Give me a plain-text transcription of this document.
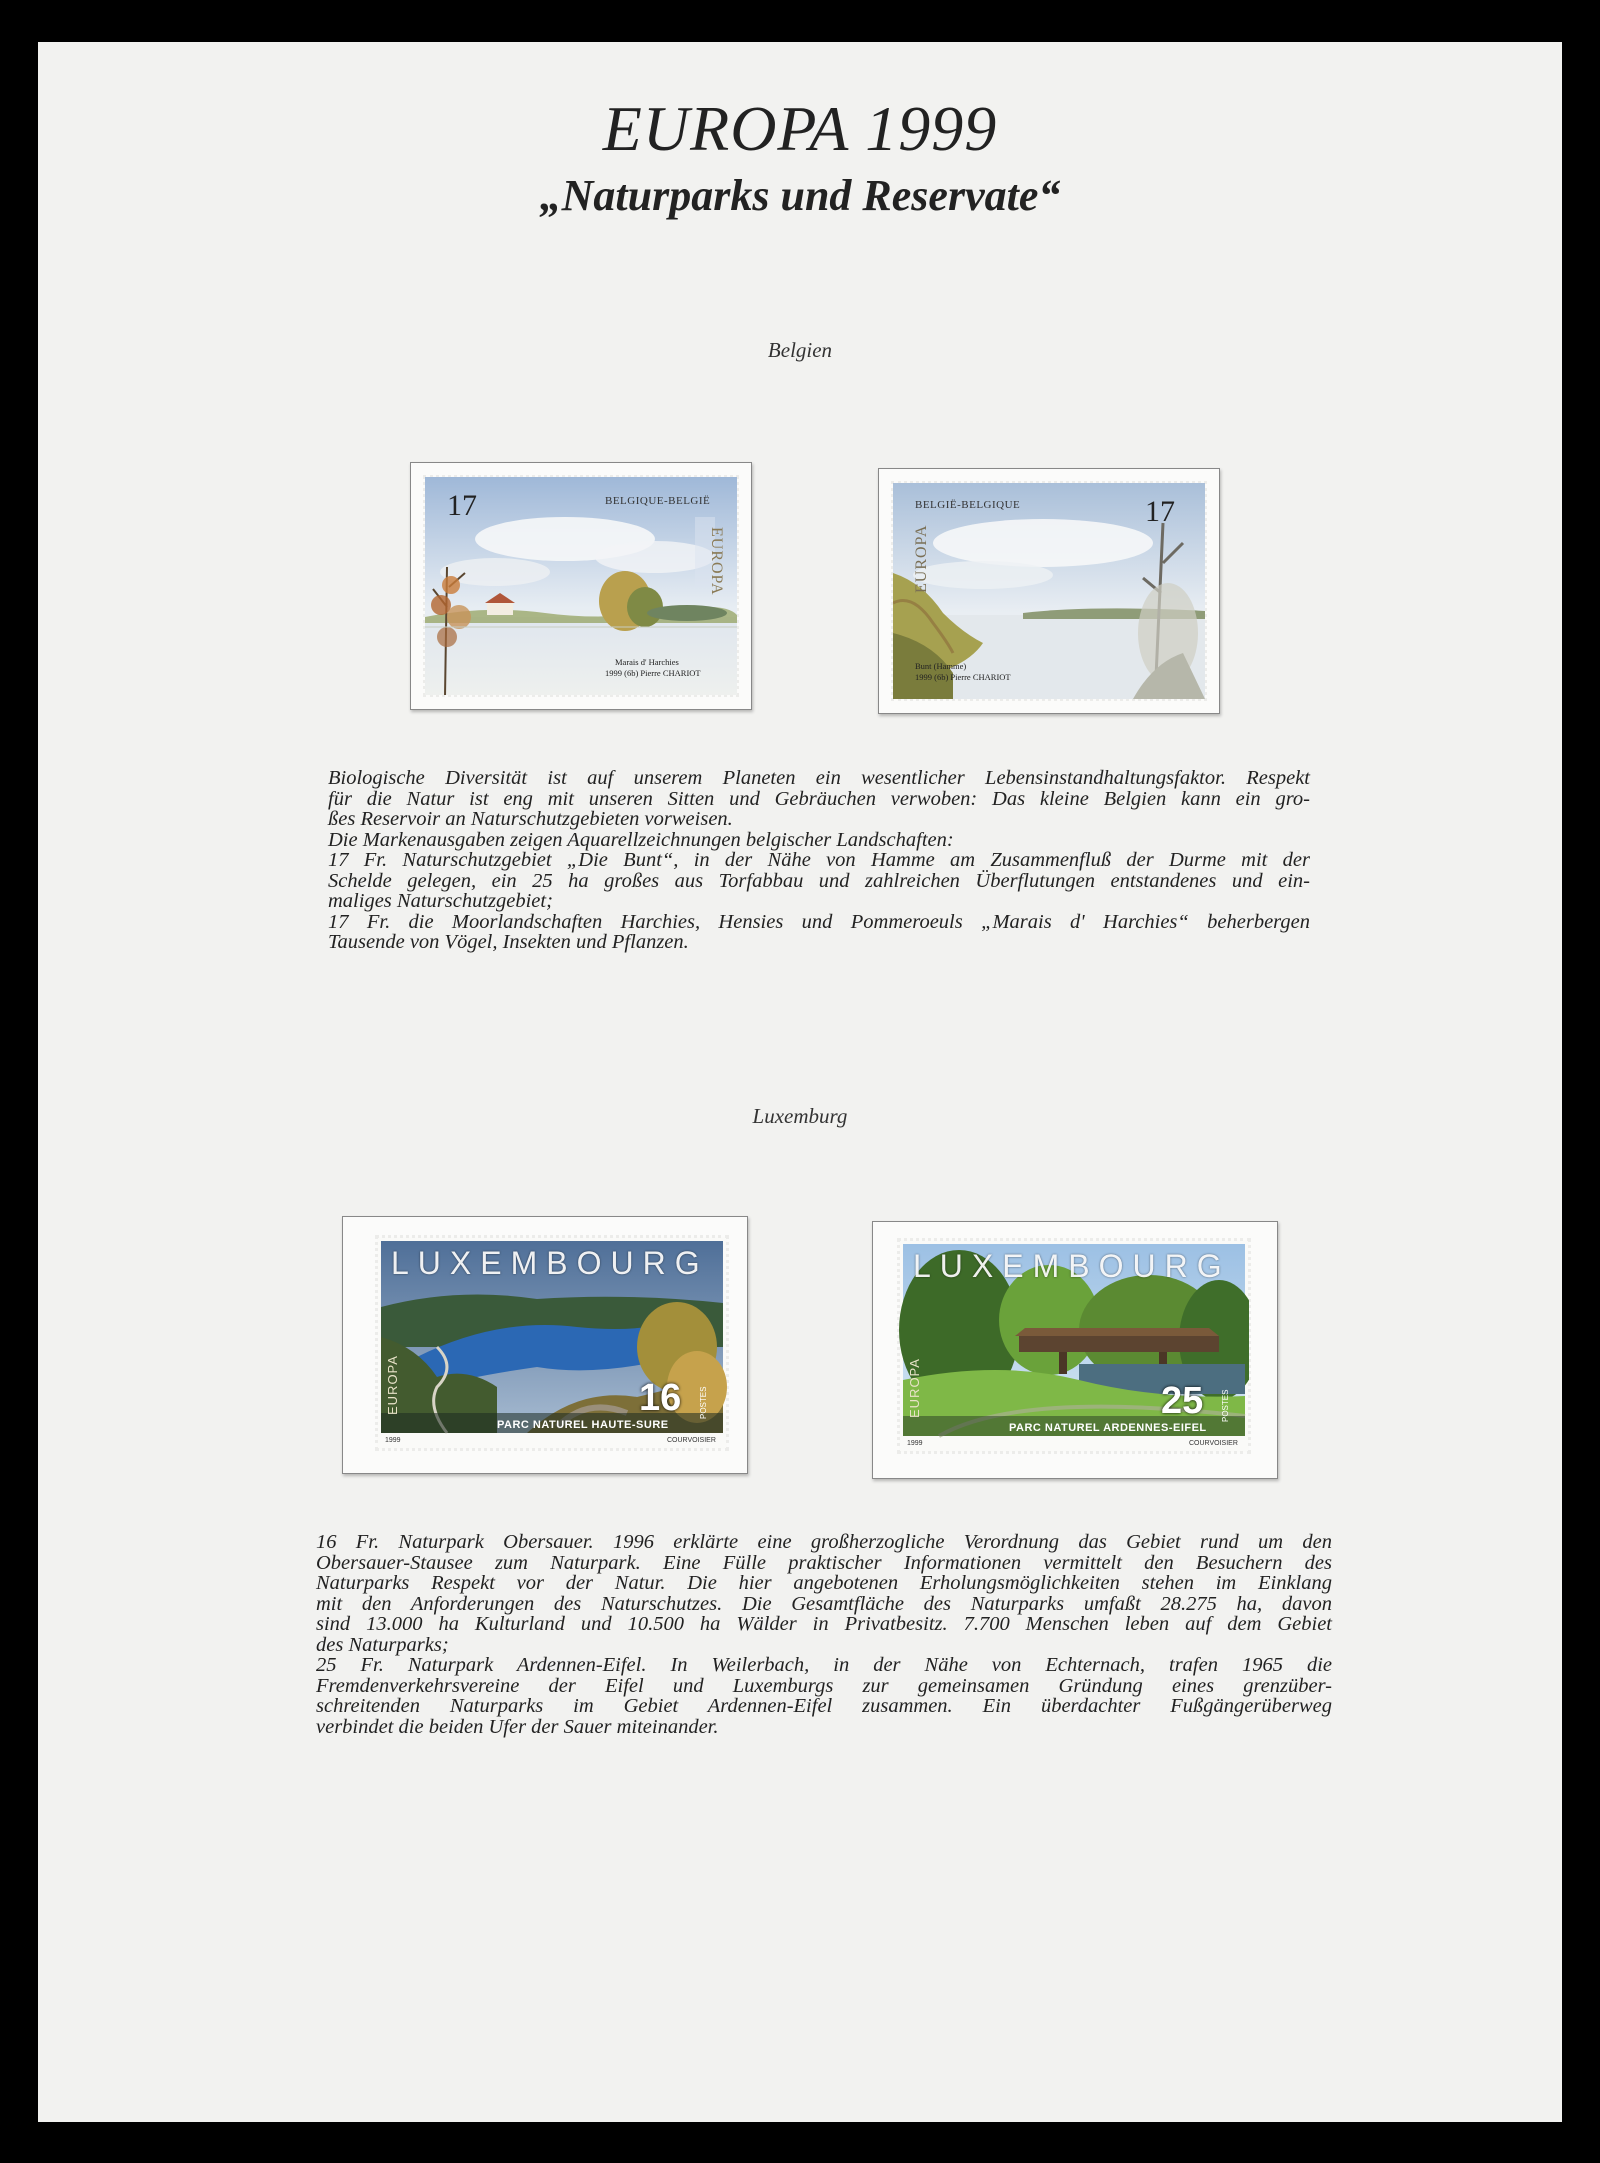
EUROPA 1999
„Naturparks und Reservate“
Belgien
17	BELGIQUE-BELGIË
EUROPA
Marais d' Harchies
1999 (6b) Pierre CHARIOT
17
BELGIË-BELGIQUE
EUROPA
Bunt (Hamme)
1999 (6b) Pierre CHARIOT
Biologische Diversität ist auf unserem Planeten ein wesentlicher Lebensinstandhaltungsfaktor. Respekt
für die Natur ist eng mit unseren Sitten und Gebräuchen verwoben: Das kleine Belgien kann ein gro-
ßes Reservoir an Naturschutzgebieten vorweisen.
Die Markenausgaben zeigen Aquarellzeichnungen belgischer Landschaften:
17 Fr. Naturschutzgebiet „Die Bunt“, in der Nähe von Hamme am Zusammenfluß der Durme mit der
Schelde gelegen, ein 25 ha großes aus Torfabbau und zahlreichen Überflutungen entstandenes und ein-
maliges Naturschutzgebiet;
17 Fr. die Moorlandschaften Harchies, Hensies und Pommeroeuls „Marais d' Harchies“ beherbergen
Tausende von Vögel, Insekten und Pflanzen.
Luxemburg
LUXEMBOURG
16 POSTES
EUROPA
PARC NATUREL HAUTE-SURE
1999	COURVOISIER
LUXEMBOURG
25 POSTES
EUROPA
PARC NATUREL ARDENNES-EIFEL
1999	COURVOISIER
16 Fr. Naturpark Obersauer. 1996 erklärte eine großherzogliche Verordnung das Gebiet rund um den
Obersauer-Stausee zum Naturpark. Eine Fülle praktischer Informationen vermittelt den Besuchern des
Naturparks Respekt vor der Natur. Die hier angebotenen Erholungsmöglichkeiten stehen im Einklang
mit den Anforderungen des Naturschutzes. Die Gesamtfläche des Naturparks umfaßt 28.275 ha, davon
sind 13.000 ha Kulturland und 10.500 ha Wälder in Privatbesitz. 7.700 Menschen leben auf dem Gebiet
des Naturparks;
25 Fr. Naturpark Ardennen-Eifel. In Weilerbach, in der Nähe von Echternach, trafen 1965 die
Fremdenverkehrsvereine der Eifel und Luxemburgs zur gemeinsamen Gründung eines grenzüber-
schreitenden Naturparks im Gebiet Ardennen-Eifel zusammen. Ein überdachter Fußgängerüberweg
verbindet die beiden Ufer der Sauer miteinander.
